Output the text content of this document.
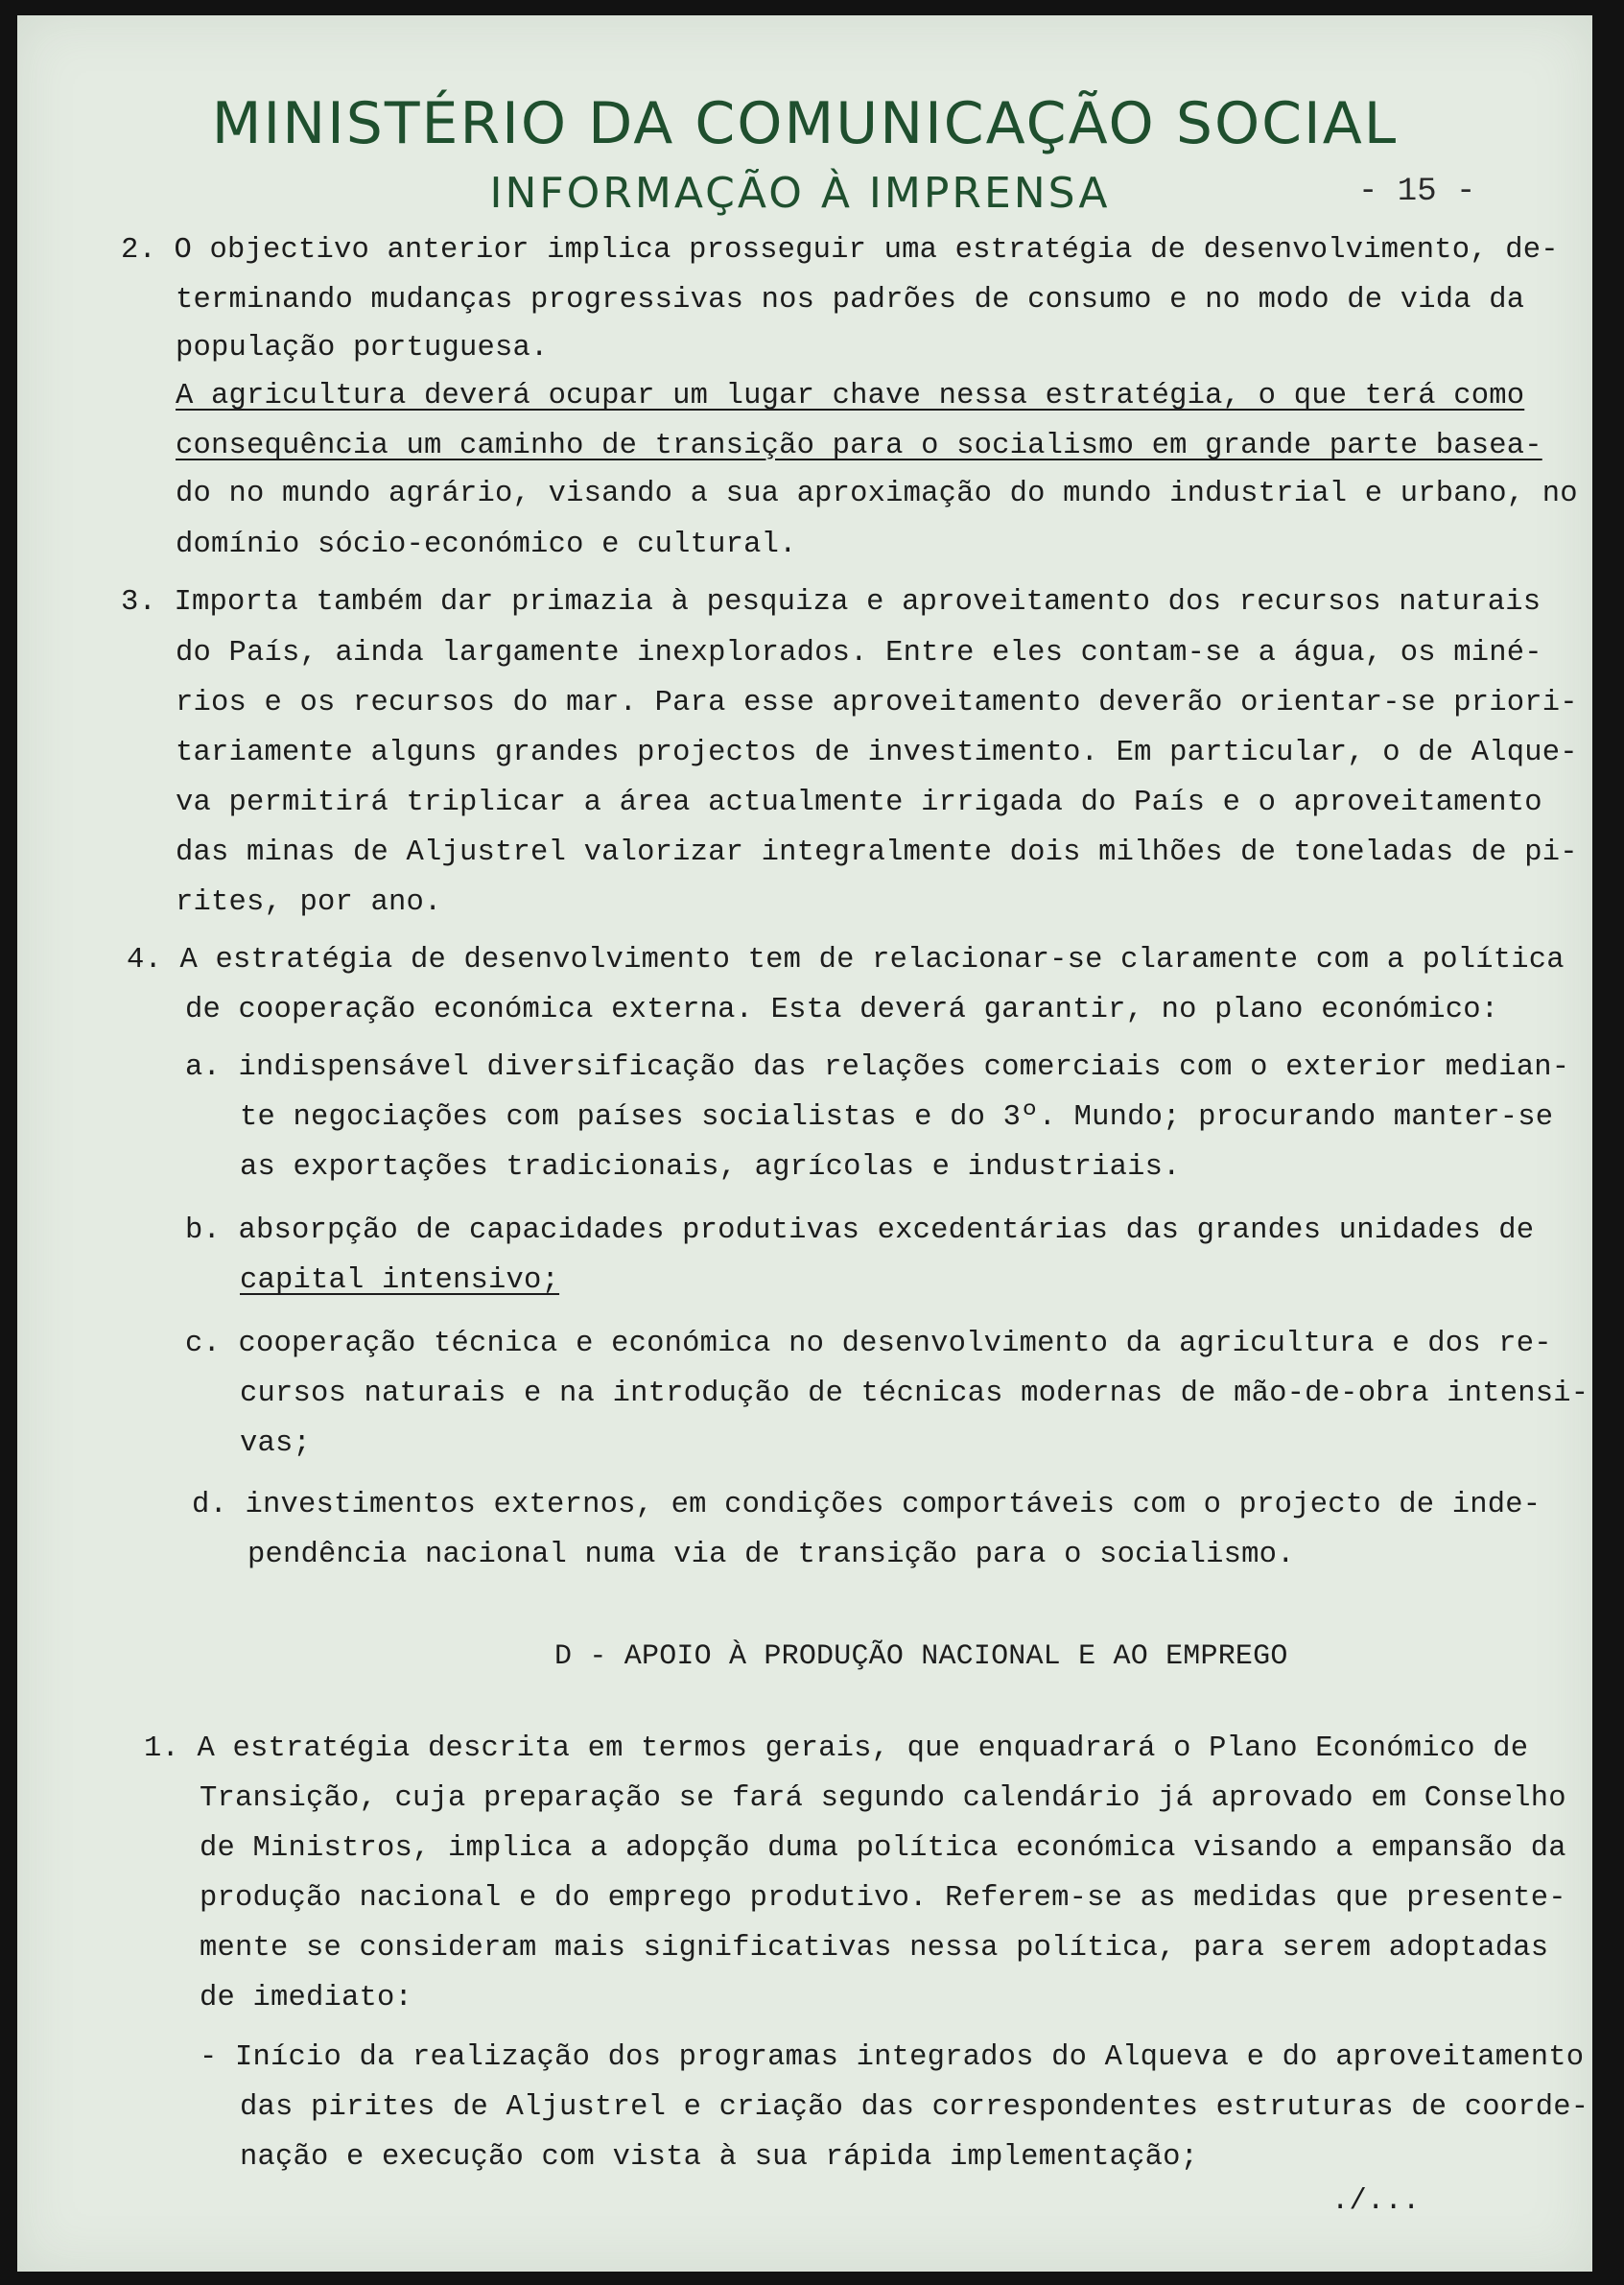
MINISTÉRIO DA COMUNICAÇÃO SOCIAL
INFORMAÇÃO À IMPRENSA	- 15 -
2. O objectivo anterior implica prosseguir uma estratégia de desenvolvimento, de-
terminando mudanças progressivas nos padrões de consumo e no modo de vida da
população portuguesa.
A agricultura deverá ocupar um lugar chave nessa estratégia, o que terá como
consequência um caminho de transição para o socialismo em grande parte basea-
do no mundo agrário, visando a sua aproximação do mundo industrial e urbano, no
domínio sócio-económico e cultural.
3. Importa também dar primazia à pesquiza e aproveitamento dos recursos naturais
do País, ainda largamente inexplorados. Entre eles contam-se a água, os miné-
rios e os recursos do mar. Para esse aproveitamento deverão orientar-se priori-
tariamente alguns grandes projectos de investimento. Em particular, o de Alque-
va permitirá triplicar a área actualmente irrigada do País e o aproveitamento
das minas de Aljustrel valorizar integralmente dois milhões de toneladas de pi-
rites, por ano.
4. A estratégia de desenvolvimento tem de relacionar-se claramente com a política
de cooperação económica externa. Esta deverá garantir, no plano económico:
a. indispensável diversificação das relações comerciais com o exterior median-
te negociações com países socialistas e do 3º. Mundo; procurando manter-se
as exportações tradicionais, agrícolas e industriais.
b. absorpção de capacidades produtivas excedentárias das grandes unidades de
capital intensivo;
c. cooperação técnica e económica no desenvolvimento da agricultura e dos re-
cursos naturais e na introdução de técnicas modernas de mão-de-obra intensi-
vas;
d. investimentos externos, em condições comportáveis com o projecto de inde-
pendência nacional numa via de transição para o socialismo.
D - APOIO À PRODUÇÃO NACIONAL E AO EMPREGO
1. A estratégia descrita em termos gerais, que enquadrará o Plano Económico de
Transição, cuja preparação se fará segundo calendário já aprovado em Conselho
de Ministros, implica a adopção duma política económica visando a empansão da
produção nacional e do emprego produtivo. Referem-se as medidas que presente-
mente se consideram mais significativas nessa política, para serem adoptadas
de imediato:
- Início da realização dos programas integrados do Alqueva e do aproveitamento
das pirites de Aljustrel e criação das correspondentes estruturas de coorde-
nação e execução com vista à sua rápida implementação;
./...
